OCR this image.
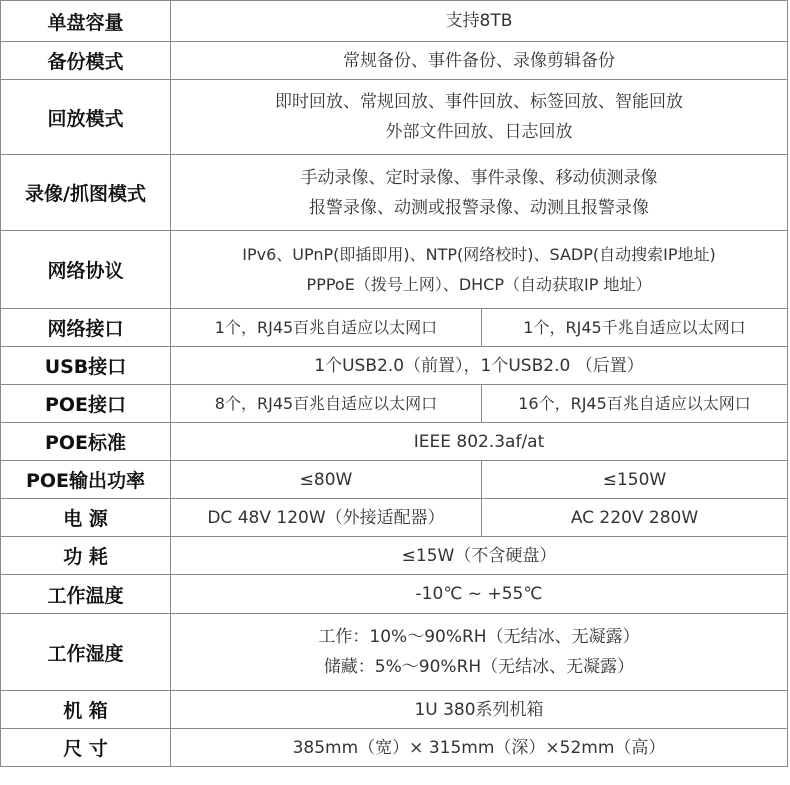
单盘容量	支持8TB	
备份模式	常规备份、事件备份、录像剪辑备份	
回放模式	即时回放、常规回放、事件回放、标签回放、智能回放
外部文件回放、日志回放	

录像/抓图模式	手动录像、定时录像、事件录像、移动侦测录像
报警录像、动测或报警录像、动测且报警录像	

网络协议	IPv6、UPnP(即插即用)、NTP(网络校时)、SADP(自动搜索IP地址)
PPPoE（拨号上网）、DHCP（自动获取IP 地址）	

网络接口	1个，RJ45百兆自适应以太网口	1个，RJ45千兆自适应以太网口
USB接口	1个USB2.0（前置），1个USB2.0 （后置）	
POE接口	8个，RJ45百兆自适应以太网口	16个，RJ45百兆自适应以太网口
POE标准	IEEE 802.3af/at	
POE输出功率	≤80W	≤150W
电 源	DC 48V 120W（外接适配器）	AC 220V 280W
功 耗	≤15W（不含硬盘）	
工作温度	-10℃ ~ +55℃	
工作湿度	工作：10%～90%RH（无结冰、无凝露）
储藏：5%～90%RH（无结冰、无凝露）	

机 箱	1U 380系列机箱	
尺 寸	385mm（宽）× 315mm（深）×52mm（高）	
